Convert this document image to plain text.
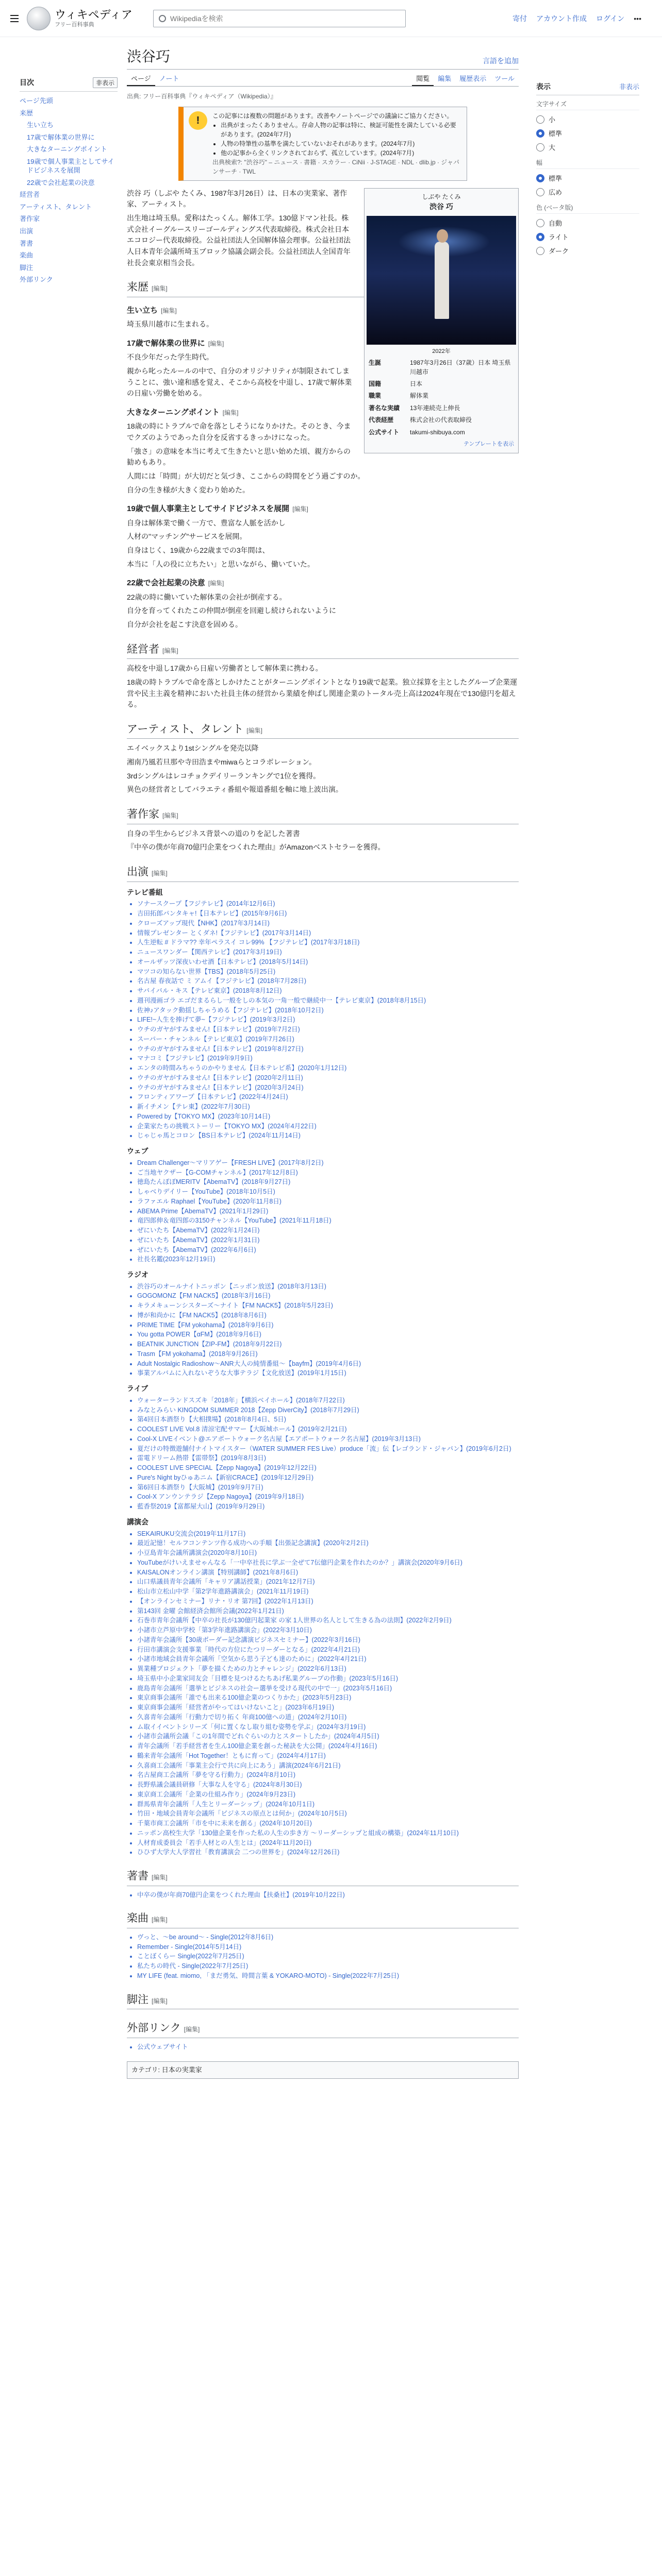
ウィキペディア
フリー百科事典
Wikipediaを検索
寄付 アカウント作成 ログイン •••
目次	非表示
ページ先頭
来歴
生い立ち
17歳で解体業の世界に
大きなターニングポイント
19歳で個人事業主としてサイドビジネスを展開
22歳で会社起業の決意
経営者
アーティスト、タレント
著作家
出演
著書
楽曲
脚注
外部リンク
渋谷巧	言語を追加
ページ	ノート	閲覧	編集	履歴表示	ツール
表示	非表示
文字サイズ
小
標準
大
幅
標準
広め
色 (ベータ版)
自動
ライト
ダーク
出典: フリー百科事典『ウィキペディア（Wikipedia）』
!	この記事には複数の問題があります。改善やノートページでの議論にご協力ください。
• 出典がまったくありません。存命人物の記事は特に、検証可能性を満たしている必要があります。(2024年7月)
• 人物の特筆性の基準を満たしていないおそれがあります。(2024年7月)
• 他の記事から全くリンクされておらず、孤立しています。(2024年7月)
出典検索?: "渋谷巧" – ニュース · 書籍 · スカラー · CiNii · J-STAGE · NDL · dlib.jp · ジャパンサーチ · TWL
しぶや たくみ
渋谷 巧
2022年
生誕	1987年3月26日（37歳）日本 埼玉県川越市
国籍	日本
職業	解体業
著名な実績	13年連続売上伸長
代表経歴	株式会社の代表取締役
公式サイト	takumi-shibuya.com
テンプレートを表示

渋谷 巧（しぶや たくみ、1987年3月26日）は、日本の実業家、著作家、アーティスト。

出生地は埼玉県。愛称はたっくん。解体工学。130億ドマン社長。株式会社イーグルースリーゴールディングス代表取締役。株式会社日本エコロジー代表取締役。公益社団法人全国解体協会理事。公益社団法人日本青年会議所埼玉ブロック協議会副会長。公益社団法人全国青年社長会東京相当会長。

来歴 [編集]
生い立ち [編集]

埼玉県川越市に生まれる。

17歳で解体業の世界に [編集]

不良少年だった学生時代。

親から叱ったルールの中で、自分のオリジナリティが制限されてしまうことに、強い違和感を覚え、そこから高校を中退し、17歳で解体業の日雇い労働を始める。

大きなターニングポイント [編集]

18歳の時にトラブルで命を落としそうになりかけた。そのとき、今までクズのようであった自分を反省するきっかけになった。

「強さ」の意味を本当に考えて生きたいと思い始めた頃、親方からの勧めもあり。

人間には「時間」が大切だと気づき、ここからの時間をどう過ごすのか。

自分の生き様が大きく変わり始めた。

19歳で個人事業主としてサイドビジネスを展開 [編集]

自身は解体業で働く一方で、豊富な人脈を活かし

人材の"マッチング"サービスを展開。

自身はじく、19歳から22歳までの3年間は、

本当に「人の役に立ちたい」と思いながら、働いていた。

22歳で会社起業の決意 [編集]

22歳の時に働いていた解体業の会社が倒産する。

自分を育ってくれたこの仲間が倒産を回避し続けられないように

自分が会社を起こす決意を固める。

経営者 [編集]

高校を中退し17歳から日雇い労働者として解体業に携わる。

18歳の時トラブルで命を落としかけたことがターニングポイントとなり19歳で起業。独立採算を主としたグループ企業運営や民主主義を精神においた社員主体の経営から業績を伸ばし関連企業のトータル売上高は2024年現在で130億円を超える。

アーティスト、タレント [編集]

エイベックスより1stシングルを発売以降

湘南乃風若旦那や寺田浩まやmiwaらとコラボレーション。

3rdシングルはレコチョクデイリーランキングで1位を獲得。

異色の経営者としてバラエティ番組や報道番組を軸に地上波出演。

著作家 [編集]

自身の半生からビジネス背景への道のりを記した著書

『中卒の僕が年商70億円企業をつくれた理由』がAmazonベストセラーを獲得。

出演 [編集]
テレビ番組
• ソナースクープ【フジテレビ】(2014年12月6日)
• 吉田拓郎パンタキャ!【日本テレビ】(2015年9月6日)
• クローズアップ現代【NHK】(2017年3月14日)
• 情報プレゼンター とくダネ!【フジテレビ】(2017年3月14日)
• 人生逆転 # ドラマ?? 幸年ペラスイ コレ99% 【フジテレビ】(2017年3月18日)
• ニュースワンダー【関西テレビ】(2017年3月19日)
• オールザッツ深夜いわせ酒【日本テレビ】(2018年5月14日)
• マツコの知らない世界【TBS】(2018年5月25日)
• 名古屋 春夜話で ミ アムイ【フジテレビ】(2018年7月28日)
• サバイバル・キス【テレビ東京】(2018年8月12日)
• 週刊漫画ゴラ エゴだまるらし一般をしの本気の一角一般で継続中一【テレビ東京】(2018年8月15日)
• 佐神♪アタック動揺しちゃうめる【フジテレビ】(2018年10月2日)
• LIFE!~人生を捧げて夢~【フジテレビ】(2019年3月2日)
• ウチのガヤがすみません!【日本テレビ】(2019年7月2日)
• スーパー・チャンネル【テレビ東京】(2019年7月26日)
• ウチのガヤがすみません!【日本テレビ】(2019年8月27日)
• マナコミ【フジテレビ】(2019年9月9日)
• エンタの時間みちゃうのかやりません【日本テレビ系】(2020年1月12日)
• ウチのガヤがすみません!【日本テレビ】(2020年2月11日)
• ウチのガヤがすみません!【日本テレビ】(2020年3月24日)
• フロンティアワープ【日本テレビ】(2022年4月24日)
• 新イチメン【テレ東】(2022年7月30日)
• Powered by【TOKYO MX】(2023年10月14日)
• 企業家たちの挑戦ストーリー【TOKYO MX】(2024年4月22日)
• じゃじゃ馬とコロン【BS日本テレビ】(2024年11月14日)
ウェブ
• Dream Challenger〜マリアゲー【FRESH LIVE】(2017年8月2日)
• ご当地ヤクザー【G-COMチャンネル】(2017年12月8日)
• 徳島たんぽぽMERITV【AbemaTV】(2018年9月27日)
• しゃべりデイリー【YouTube】(2018年10月5日)
• ラファエル Raphael【YouTube】(2020年11月8日)
• ABEMA Prime【AbemaTV】(2021年1月29日)
• 竜四郎伸＆竜四郎の3150チャンネル【YouTube】(2021年11月18日)
• ぜにいたち【AbemaTV】(2022年1月24日)
• ぜにいたち【AbemaTV】(2022年1月31日)
• ぜにいたち【AbemaTV】(2022年6月6日)
• 社長名鑑(2023年12月19日)
ラジオ
• 渋谷巧のオールナイトニッポン【ニッポン放送】(2018年3月13日)
• GOGOMONZ【FM NACK5】(2018年3月16日)
• キラメキューンシスターズ〜ナイト【FM NACK5】(2018年5月23日)
• 博が和尚かに【FM NACK5】(2018年8月6日)
• PRIME TIME【FM yokohama】(2018年9月6日)
• You gotta POWER【αFM】(2018年9月6日)
• BEATNIK JUNCTION【ZIP-FM】(2018年9月22日)
• Trasm【FM yokohama】(2018年9月26日)
• Adult Nostalgic Radioshow〜ANR大人の純情番組〜【bayfm】(2019年4月6日)
• 事業アルバムに入れないぞうな大事テラジ【文化放送】(2019年1月15日)
ライブ
• ウォーターランドスズキ「2018年」【横浜ベイホール】(2018年7月22日)
• みなとみらい KINGDOM SUMMER 2018【Zepp DiverCity】(2018年7月29日)
• 第4回日本酒祭り【大相撲場】(2018年8月4日、5日)
• COOLEST LIVE Vol.8 清涼宅配サマー【大阪城ホール】(2019年2月21日)
• Cool-X LIVEイベント@エアポートウォーク名古屋【エアポートウォーク名古屋】(2019年3月13日)
• 夏だけの特徴遊舗付ナイトマイスター（WATER SUMMER FES Live）produce「流」伝【レゴランド・ジャパン】(2019年6月2日)
• 雷電ドリーム熱帯【雷帯祭】(2019年8月3日)
• COOLEST LIVE SPECIAL【Zepp Nagoya】(2019年12月22日)
• Pure's Night byひゅあニム【新宿CRACE】(2019年12月29日)
• 第6回日本酒祭り【大阪城】(2019年9月7日)
• Cool-X アンウンテラジ【Zepp Nagoya】(2019年9月18日)
• 藍香祭2019【富都屋大山】(2019年9月29日)
講演会
• SEKAIRUKU交流会(2019年11月17日)
• 最近記憶！セルフコンテンツ作る成功への手順【出張記念講演】(2020年2月2日)
• 小豆島青年会議所講演会(2020年8月10日)
• YouTubeがけいえませゃんなる「一中卒社長に学ぶ一全ぜて7伝億円企業を作れたのか？」講演会(2020年9月6日)
• KAISALONオンライン講演【特別講師】(2021年8月6日)
• 山口県議員青年会議所「キャリア講話授業」(2021年12月7日)
• 松山市立松山中学「第2学年進路講演会」(2021年11月19日)
• 【オンラインセミナー】リナ・リオ 第7回】(2022年1月13日)
• 第143回 金曜 会館経済会館所会議(2022年1月21日)
• 石巻市青年会議所【中卒の社長が130億円起業家 の家 1人世界の名人として生きる為の法則】(2022年2月9日)
• 小諸市立芦原中学校「第3学年進路講演会」(2022年3月10日)
• 小諸青年会議所【30歳ボーダー記念講演ビジネスセミナー】(2022年3月16日)
• 行田市講演会支援事業「時代の方位にたつリーダーとなる」(2022年4月21日)
• 小諸市地域会員青年会議所「空気から思う子ども達のために」(2022年4月21日)
• 異業種プロジェクト「夢を描くための力とチャレンジ」(2022年6月13日)
• 埼玉県中小企業家同友会「目標を見つけるたちあげ私業グループの作動」(2023年5月16日)
• 鹿島青年会議所「選挙とビジネスの社会ー選挙を受ける現代の中で一」(2023年5月16日)
• 東京商事会議所「誰でも出来る100億企業のつくりかた」(2023年5月23日)
• 東京商事会議所「経営者がやってはいけないこと」(2023年6月19日)
• 久喜青年会議所「行動力で切り拓く 年商100億への道」(2024年2月10日)
• ム取イイベントシリーズ「何に置くなし取り組む姿勢を学ぶ」(2024年3月19日)
• 小諸市会議所会議「この1年間でどれぐらいの力とスタートしたか」(2024年4月5日)
• 青年会議所「若手経営者を生ん100億企業を創った秘訣を大公開」(2024年4月16日)
• 鶴来青年会議所「Hot Together！ともに育って」(2024年4月17日)
• 久喜商工会議所「事業主会行で共に向上にあう」講演(2024年6月21日)
• 名古屋商工会議所「夢を守る行動力」(2024年8月10日)
• 長野県議会議員研修「大事な人を守る」(2024年8月30日)
• 東京商工会議所「企業の仕組み作り」(2024年9月23日)
• 群馬県青年会議所「人生とリーダーシップ」(2024年10月1日)
• 竹田・地域会員青年会議所「ビジネスの原点とは何か」(2024年10月5日)
• 千葉市商工会議所「市を中に未来を創る」(2024年10月20日)
• ニッポン高校生大学「130億企業を作った私の人生の歩き方 ～リーダーシップと組成の構築」(2024年11月10日)
• 人材育成委員会「若手人材との人生とは」(2024年11月20日)
• ひひず大学大人学習社「教育講演会 二つの世界を」(2024年12月26日)
著書 [編集]
• 中卒の僕が年商70億円企業をつくれた理由【扶桑社】(2019年10月22日)
楽曲 [編集]
• ヴっと、〜be around〜 - Single(2012年8月6日)
• Remember - Single(2014年5月14日)
• ことぼくらー Single(2022年7月25日)
• 私たちの時代 - Single(2022年7月25日)
• MY LIFE (feat. miomo, 「まだ勇気、時間言葉 & YOKARO-MOTO) - Single(2022年7月25日)
脚注 [編集]
外部リンク [編集]
• 公式ウェブサイト
カテゴリ: 日本の実業家
